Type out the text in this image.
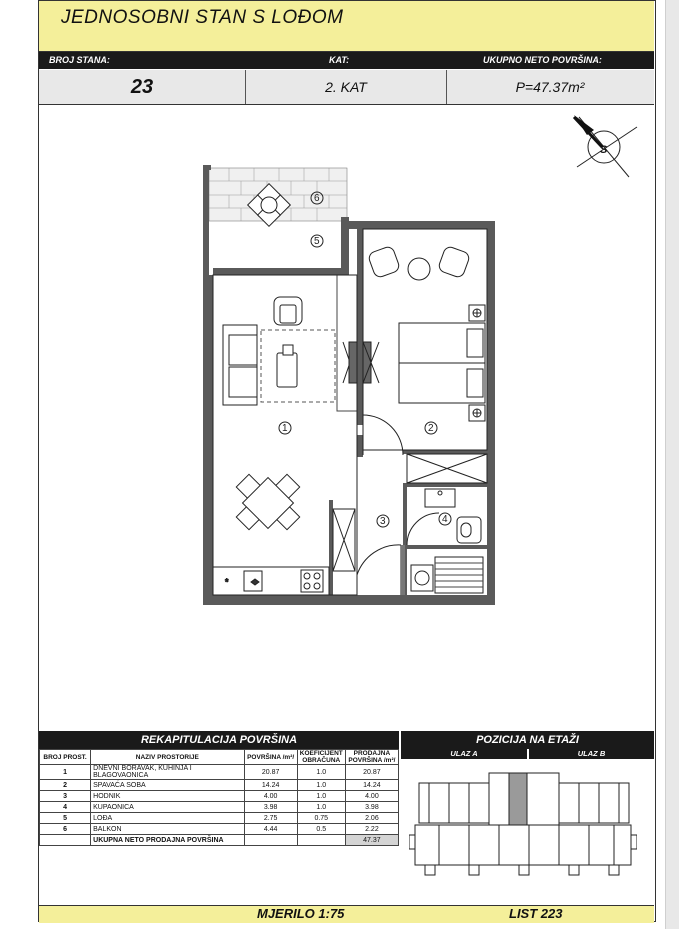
JEDNOSOBNI STAN S LOĐOM
BROJ STANA:	KAT:	UKUPNO NETO POVRŠINA:
23	2. KAT	P=47.37m²
S
*
6
5
1	2
3	4
REKAPITULACIJA POVRŠINA	POZICIJA NA ETAŽI
BROJ PROST.	NAZIV PROSTORIJE	POVRŠINA /m²/	KOEFICIJENT OBRAČUNA	PRODAJNA POVRŠINA /m²/
1	DNEVNI BORAVAK, KUHINJA I BLAGOVAONICA	20.87	1.0	20.87
2	SPAVAĆA SOBA	14.24	1.0	14.24
3	HODNIK	4.00	1.0	4.00
4	KUPAONICA	3.98	1.0	3.98
5	LOĐA	2.75	0.75	2.06
6	BALKON	4.44	0.5	2.22
	UKUPNA NETO PRODAJNA POVRŠINA			47.37
ULAZ A	ULAZ B
MJERILO 1:75	LIST 223
